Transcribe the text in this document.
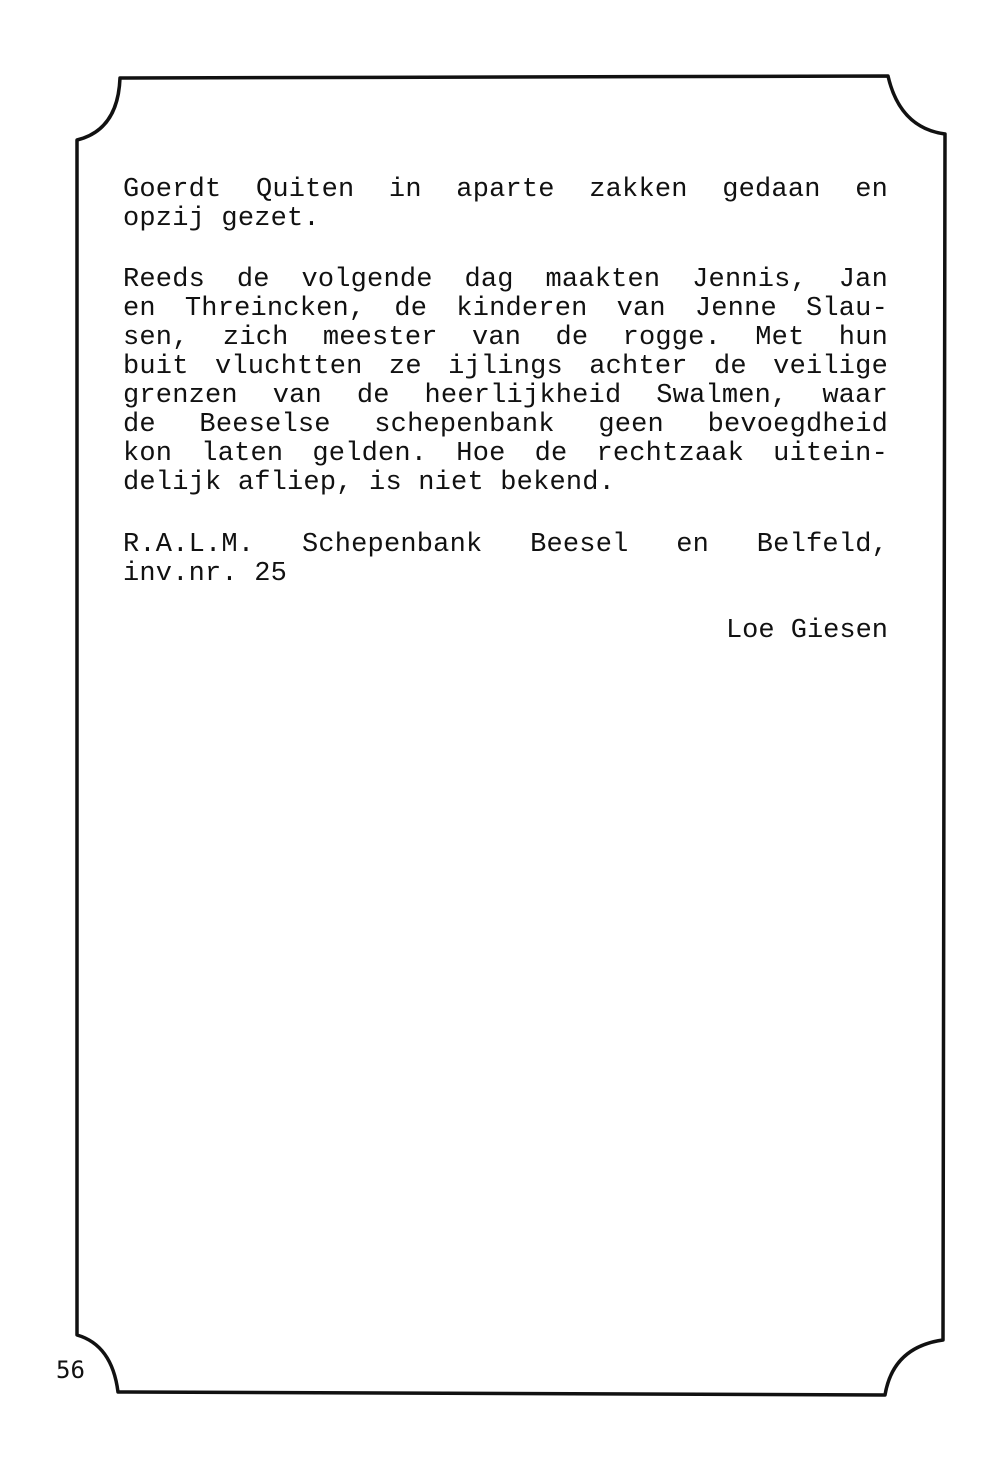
Goerdt Quiten in aparte zakken gedaan en
opzij gezet.
Reeds de volgende dag maakten Jennis, Jan
en Threincken, de kinderen van Jenne Slau-
sen, zich meester van de rogge. Met hun
buit vluchtten ze ijlings achter de veilige
grenzen van de heerlijkheid Swalmen, waar
de Beeselse schepenbank geen bevoegdheid
kon laten gelden. Hoe de rechtzaak uitein-
delijk afliep, is niet bekend.
R.A.L.M. Schepenbank Beesel en Belfeld,
inv.nr. 25
Loe Giesen
56
